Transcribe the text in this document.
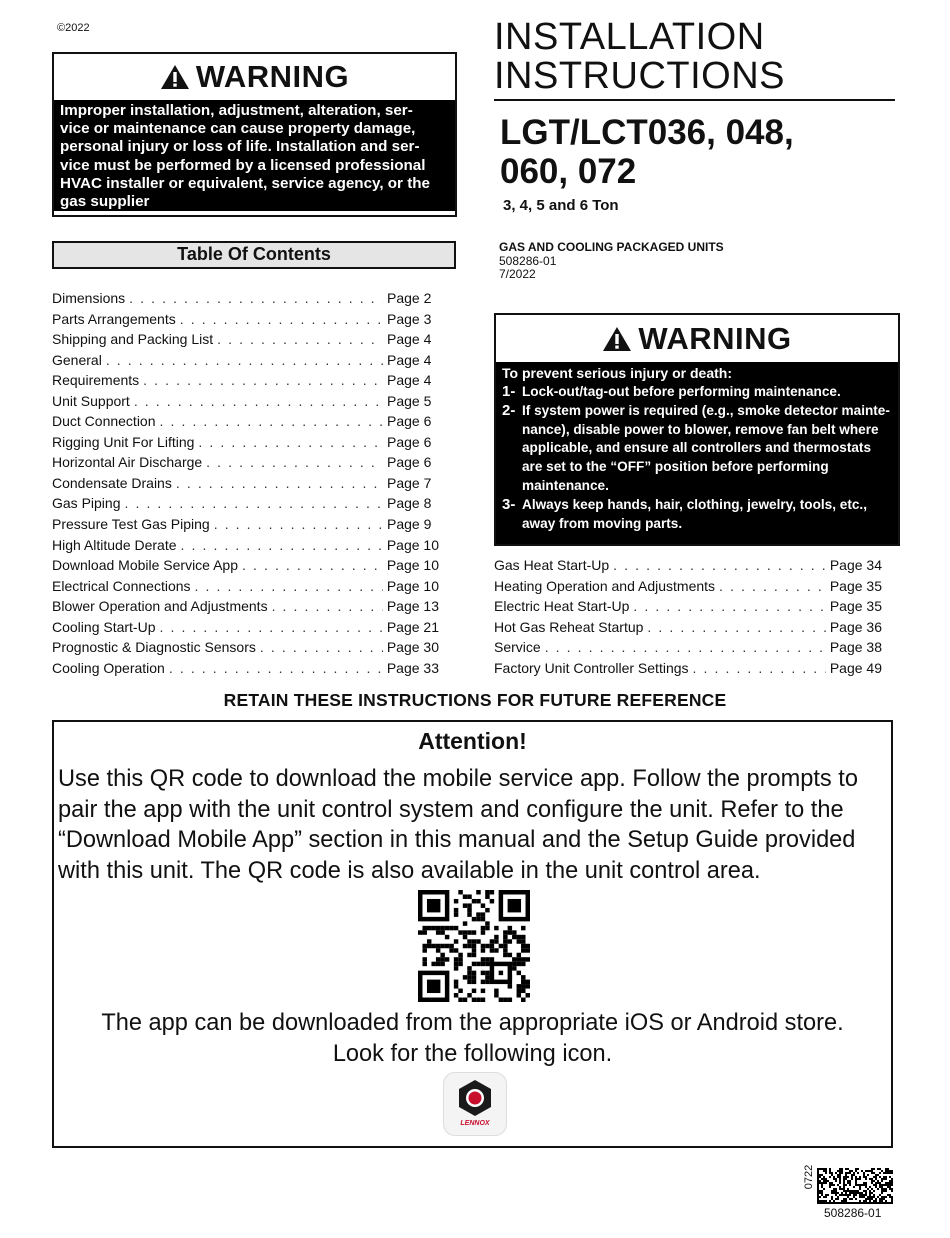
©2022
WARNING
Improper installation, adjustment, alteration, ser-
vice or maintenance can cause property damage,
personal injury or loss of life. Installation and ser-
vice must be performed by a licensed professional
HVAC installer or equivalent, service agency, or the
gas supplier
INSTALLATION
INSTRUCTIONS
LGT/LCT036, 048,
060, 072
3, 4, 5 and 6 Ton
GAS AND COOLING PACKAGED UNITS
508286-01
7/2022
Table Of Contents
Dimensions . . .	Page 2
Parts Arrangements . . .	Page 3
Shipping and Packing List . . .	Page 4
General . . .	Page 4
Requirements . . .	Page 4
Unit Support . . .	Page 5
Duct Connection . . .	Page 6
Rigging Unit For Lifting . . .	Page 6
Horizontal Air Discharge . . .	Page 6
Condensate Drains . . .	Page 7
Gas Piping . . .	Page 8
Pressure Test Gas Piping . . .	Page 9
High Altitude Derate . . .	Page 10
Download Mobile Service App . . .	Page 10
Electrical Connections . . .	Page 10
Blower Operation and Adjustments . . .	Page 13
Cooling Start-Up . . .	Page 21
Prognostic & Diagnostic Sensors . . .	Page 30
Cooling Operation . . .	Page 33
Gas Heat Start-Up . . .	Page 34
Heating Operation and Adjustments . . .	Page 35
Electric Heat Start-Up . . .	Page 35
Hot Gas Reheat Startup . . .	Page 36
Service . . .	Page 38
Factory Unit Controller Settings . . .	Page 49
WARNING
To prevent serious injury or death:
1- Lock-out/tag-out before performing maintenance.
2- If system power is required (e.g., smoke detector mainte-nance), disable power to blower, remove fan belt where applicable, and ensure all controllers and thermostats are set to the “OFF” position before performing maintenance.
3- Always keep hands, hair, clothing, jewelry, tools, etc., away from moving parts.
RETAIN THESE INSTRUCTIONS FOR FUTURE REFERENCE
Attention!
Use this QR code to download the mobile service app. Follow the prompts to pair the app with the unit control system and configure the unit. Refer to the “Download Mobile App” section in this manual and the Setup Guide provided with this unit. The QR code is also available in the unit control area.
The app can be downloaded from the appropriate iOS or Android store.
Look for the following icon.
LENNOX
0722
508286-01
